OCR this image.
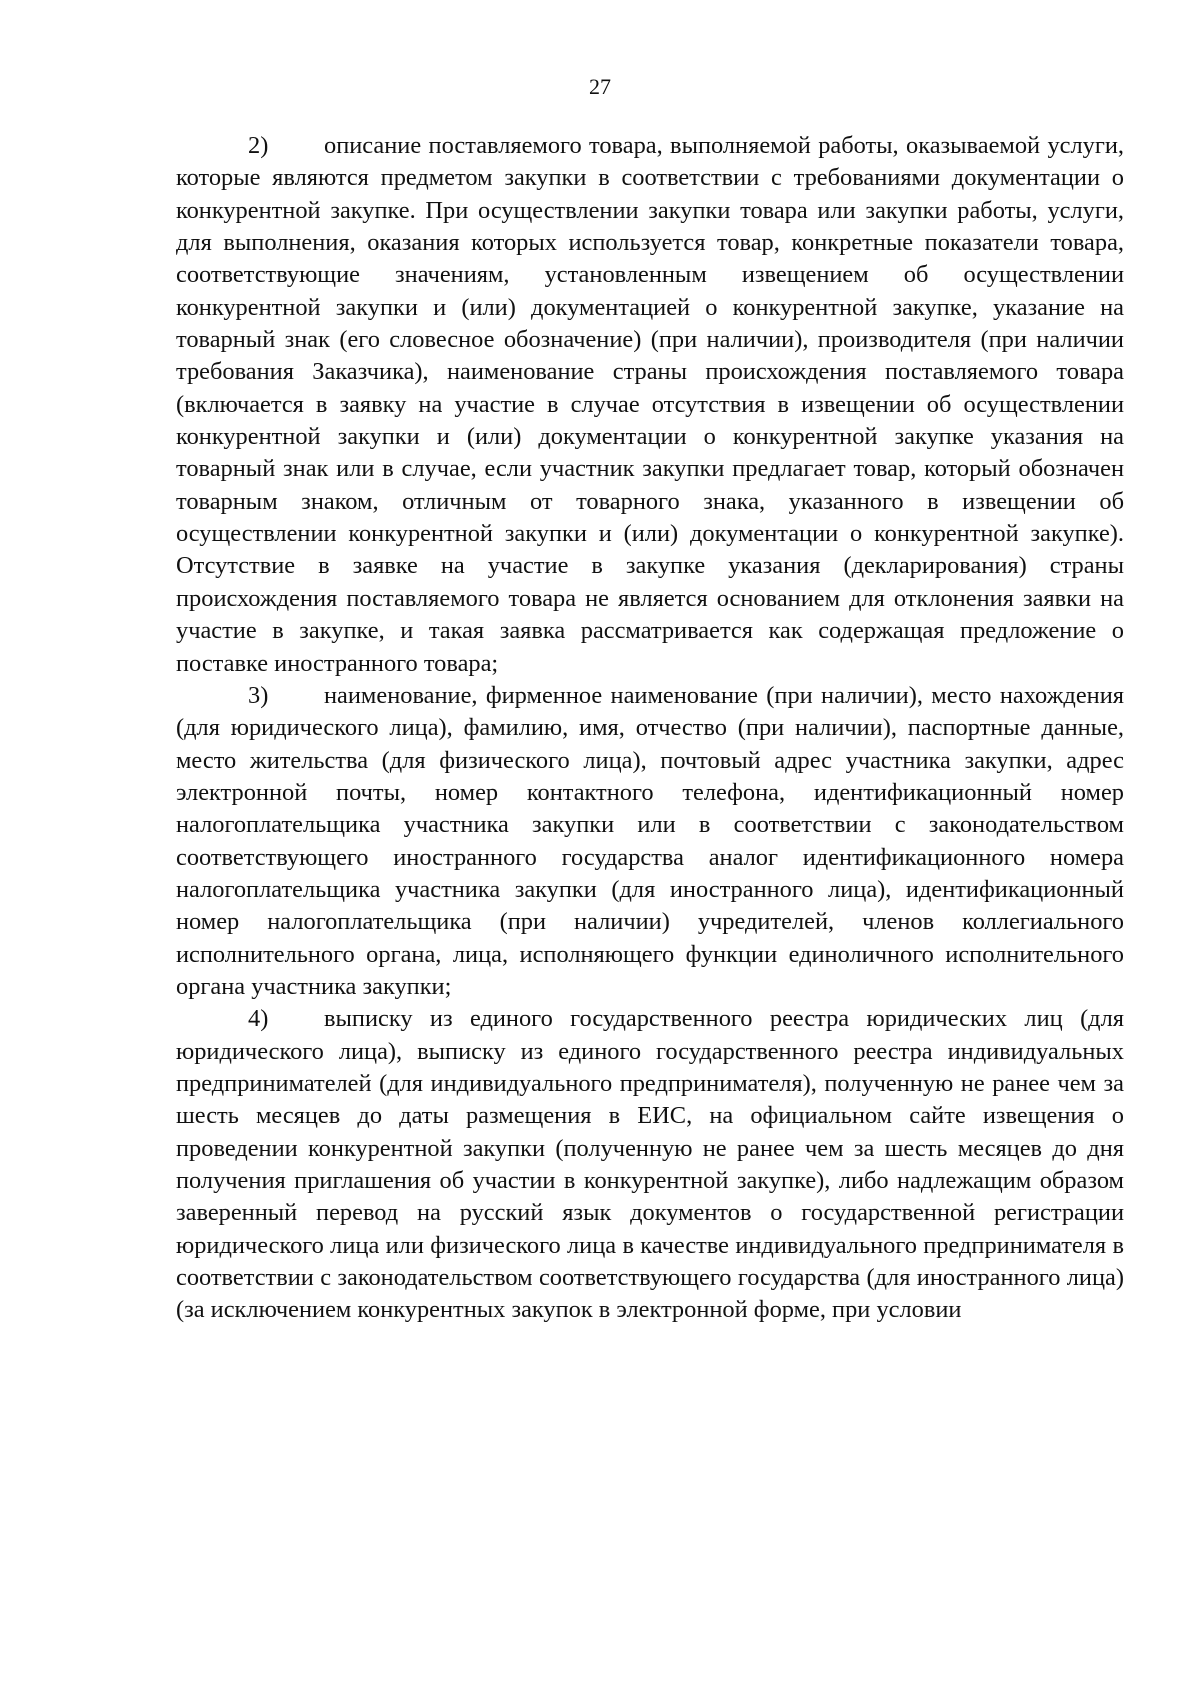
27

2) описание поставляемого товара, выполняемой работы, оказываемой услуги, которые являются предметом закупки в соответствии с требованиями документации о конкурентной закупке. При осуществлении закупки товара или закупки работы, услуги, для выполнения, оказания которых используется товар, конкретные показатели товара, соответствующие значениям, установленным извещением об осуществлении конкурентной закупки и (или) документацией о конкурентной закупке, указание на товарный знак (его словесное обозначение) (при наличии), производителя (при наличии требования Заказчика), наименование страны происхождения поставляемого товара (включается в заявку на участие в случае отсутствия в извещении об осуществлении конкурентной закупки и (или) документации о конкурентной закупке указания на товарный знак или в случае, если участник закупки предлагает товар, который обозначен товарным знаком, отличным от товарного знака, указанного в извещении об осуществлении конкурентной закупки и (или) документации о конкурентной закупке). Отсутствие в заявке на участие в закупке указания (декларирования) страны происхождения поставляемого товара не является основанием для отклонения заявки на участие в закупке, и такая заявка рассматривается как содержащая предложение о поставке иностранного товара;

3) наименование, фирменное наименование (при наличии), место нахождения (для юридического лица), фамилию, имя, отчество (при наличии), паспортные данные, место жительства (для физического лица), почтовый адрес участника закупки, адрес электронной почты, номер контактного телефона, идентификационный номер налогоплательщика участника закупки или в соответствии с законодательством соответствующего иностранного государства аналог идентификационного номера налогоплательщика участника закупки (для иностранного лица), идентификационный номер налогоплательщика (при наличии) учредителей, членов коллегиального исполнительного органа, лица, исполняющего функции единоличного исполнительного органа участника закупки;

4) выписку из единого государственного реестра юридических лиц (для юридического лица), выписку из единого государственного реестра индивидуальных предпринимателей (для индивидуального предпринимателя), полученную не ранее чем за шесть месяцев до даты размещения в ЕИС, на официальном сайте извещения о проведении конкурентной закупки (полученную не ранее чем за шесть месяцев до дня получения приглашения об участии в конкурентной закупке), либо надлежащим образом заверенный перевод на русский язык документов о государственной регистрации юридического лица или физического лица в качестве индивидуального предпринимателя в соответствии с законодательством соответствующего государства (для иностранного лица) (за исключением конкурентных закупок в электронной форме, при условии
